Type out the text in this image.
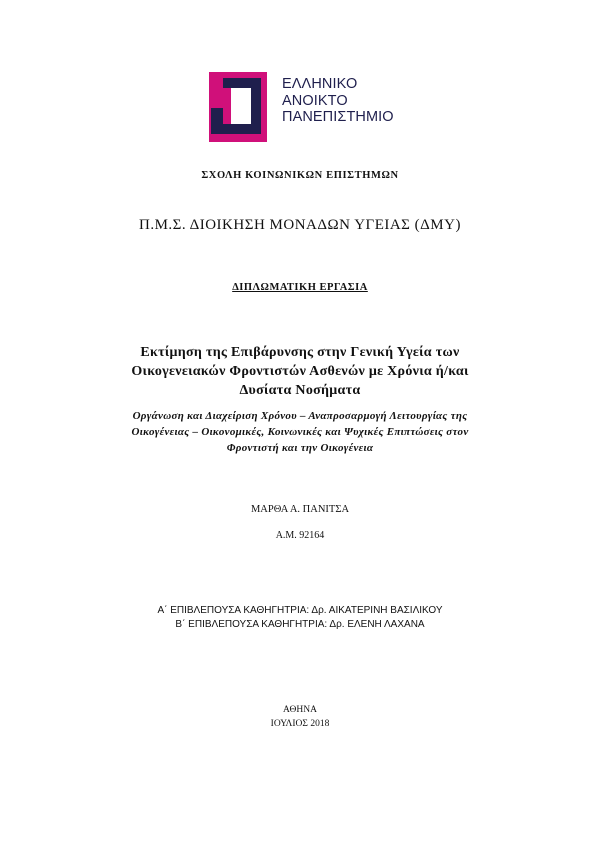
ΕΛΛΗΝΙΚΟ
ΑΝΟΙΚΤΟ
ΠΑΝΕΠΙΣΤΗΜΙΟ
ΣΧΟΛΗ ΚΟΙΝΩΝΙΚΩΝ ΕΠΙΣΤΗΜΩΝ
Π.Μ.Σ. ΔΙΟΙΚΗΣΗ ΜΟΝΑΔΩΝ ΥΓΕΙΑΣ (ΔΜΥ)
ΔΙΠΛΩΜΑΤΙΚΗ ΕΡΓΑΣΙΑ
Εκτίμηση της Επιβάρυνσης στην Γενική Υγεία των
Οικογενειακών Φροντιστών Ασθενών με Χρόνια ή/και
Δυσίατα Νοσήματα
Οργάνωση και Διαχείριση Χρόνου – Αναπροσαρμογή Λειτουργίας της
Οικογένειας – Οικονομικές, Κοινωνικές και Ψυχικές Επιπτώσεις στον
Φροντιστή και την Οικογένεια
ΜΑΡΘΑ Α. ΠΑΝΙΤΣΑ
Α.Μ. 92164
Α΄ ΕΠΙΒΛΕΠΟΥΣΑ ΚΑΘΗΓΗΤΡΙΑ: Δρ. ΑΙΚΑΤΕΡΙΝΗ ΒΑΣΙΛΙΚΟΥ
Β΄ ΕΠΙΒΛΕΠΟΥΣΑ ΚΑΘΗΓΗΤΡΙΑ: Δρ. ΕΛΕΝΗ ΛΑΧΑΝΑ
ΑΘΗΝΑ
ΙΟΥΛΙΟΣ 2018
